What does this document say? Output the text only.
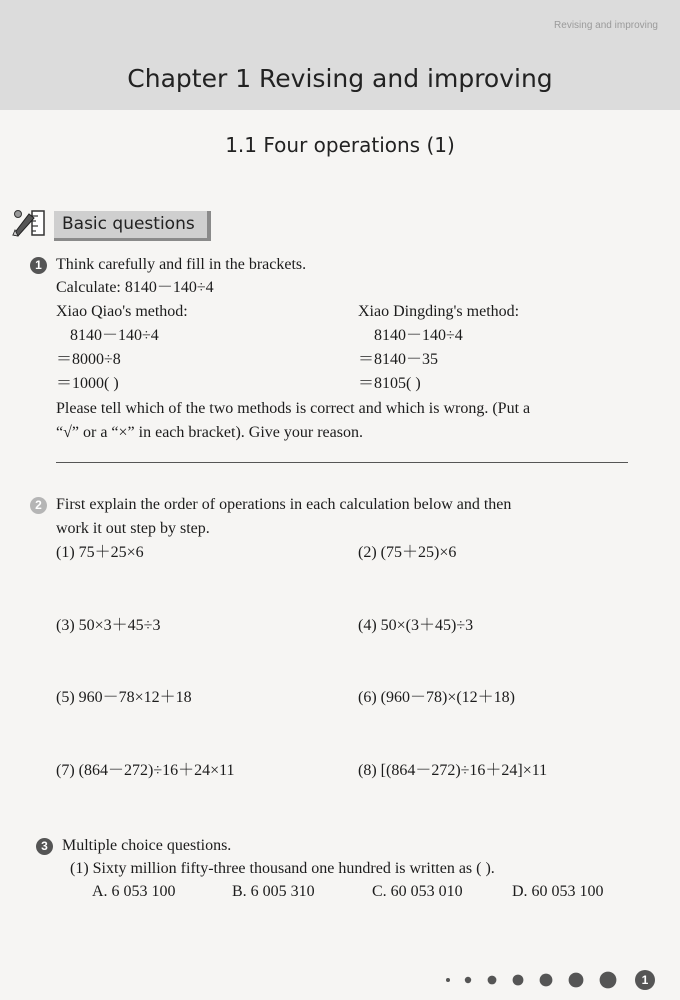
Revising and improving
Chapter 1 Revising and improving
1.1 Four operations (1)
Basic questions
1 Think carefully and fill in the brackets.
Calculate: 8140－140÷4
Xiao Qiao's method:
8140－140÷4
＝8000÷8
＝1000( )
Xiao Dingding's method:
8140－140÷4
＝8140－35
＝8105( )
Please tell which of the two methods is correct and which is wrong. (Put a
“√” or a “×” in each bracket). Give your reason.
2 First explain the order of operations in each calculation below and then
work it out step by step.
(1) 75＋25×6	(2) (75＋25)×6
(3) 50×3＋45÷3	(4) 50×(3＋45)÷3
(5) 960－78×12＋18	(6) (960－78)×(12＋18)
(7) (864－272)÷16＋24×11	(8) [(864－272)÷16＋24]×11
3 Multiple choice questions.
(1) Sixty million fifty-three thousand one hundred is written as ( ).
A. 6 053 100	B. 6 005 310	C. 60 053 010	D. 60 053 100
1
